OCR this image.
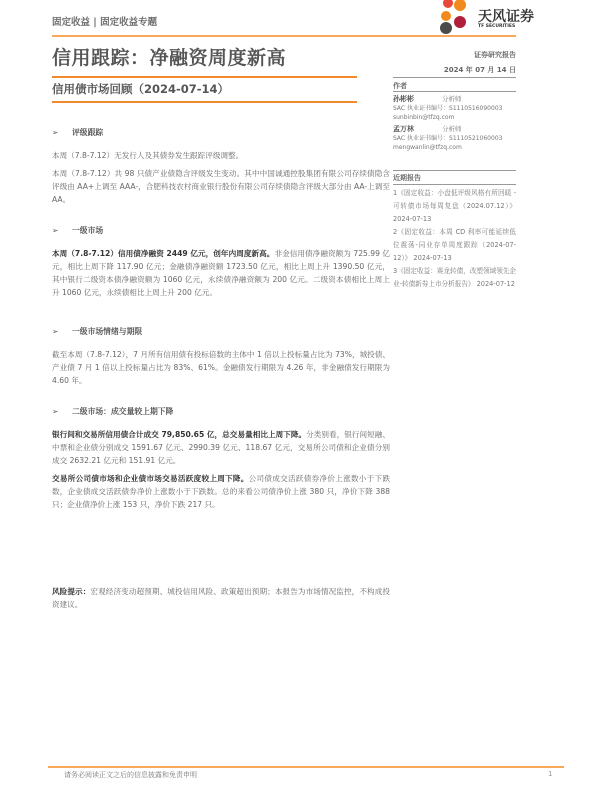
固定收益 | 固定收益专题	天风证券
TF SECURITIES
信用跟踪：净融资周度新高
信用债市场回顾（2024-07-14）
证券研究报告
2024 年 07 月 14 日
作者
孙彬彬	分析师
SAC 执业证书编号：S1110516090003
sunbinbin@tfzq.com
孟万林	分析师
SAC 执业证书编号：S1110521060003
mengwanlin@tfzq.com
近期报告
1《固定收益：小盘低评级风格有所回暖 - 可转债市场每周复盘（2024.07.12）》 2024-07-13
2《固定收益：本周 CD 利率可能延续低位震荡-同业存单周度跟踪（2024-07-12）》 2024-07-13
3《固定收益：赛龙转债，改塑领域领先企业-转债新券上市分析报告》 2024-07-12
➢ 评级跟踪

本周（7.8-7.12）无发行人及其债券发生跟踪评级调整。

本周（7.8-7.12）共 98 只债产业债隐含评级发生变动。其中中国诚通控股集团有限公司存续债隐含评级由 AA+上调至 AAA-，合肥科技农村商业银行股份有限公司存续债隐含评级大部分由 AA-上调至 AA。

➢ 一级市场

本周（7.8-7.12）信用债净融资 2449 亿元，创年内周度新高。非金信用债净融资额为 725.99 亿元，相比上周下降 117.90 亿元；金融债净融资额 1723.50 亿元，相比上周上升 1390.50 亿元，其中银行二级资本债净融资额为 1060 亿元，永续债净融资额为 200 亿元。二级资本债相比上周上升 1060 亿元，永续债相比上周上升 200 亿元。

➢ 一级市场情绪与期限

截至本周（7.8-7.12），7 月所有信用债有投标倍数的主体中 1 倍以上投标量占比为 73%，城投债、产业债 7 月 1 倍以上投标量占比为 83%、61%。金融债发行期限为 4.26 年，非金融债发行期限为 4.60 年。

➢ 二级市场：成交量较上期下降

银行间和交易所信用债合计成交 79,850.65 亿，总交易量相比上周下降。分类别看，银行间短融、中票和企业债分别成交 1591.67 亿元、2990.39 亿元、118.67 亿元，交易所公司债和企业债分别成交 2632.21 亿元和 151.91 亿元。

交易所公司债市场和企业债市场交易活跃度较上周下降。公司债成交活跃债券净价上涨数小于下跌数，企业债成交活跃债券净价上涨数小于下跌数。总的来看公司债净价上涨 380 只，净价下降 388 只；企业债净价上涨 153 只，净价下跌 217 只。

风险提示：宏观经济变动超预期、城投信用风险、政策超出预期；本报告为市场情况监控，不构成投资建议。

请务必阅读正文之后的信息披露和免责申明	1
